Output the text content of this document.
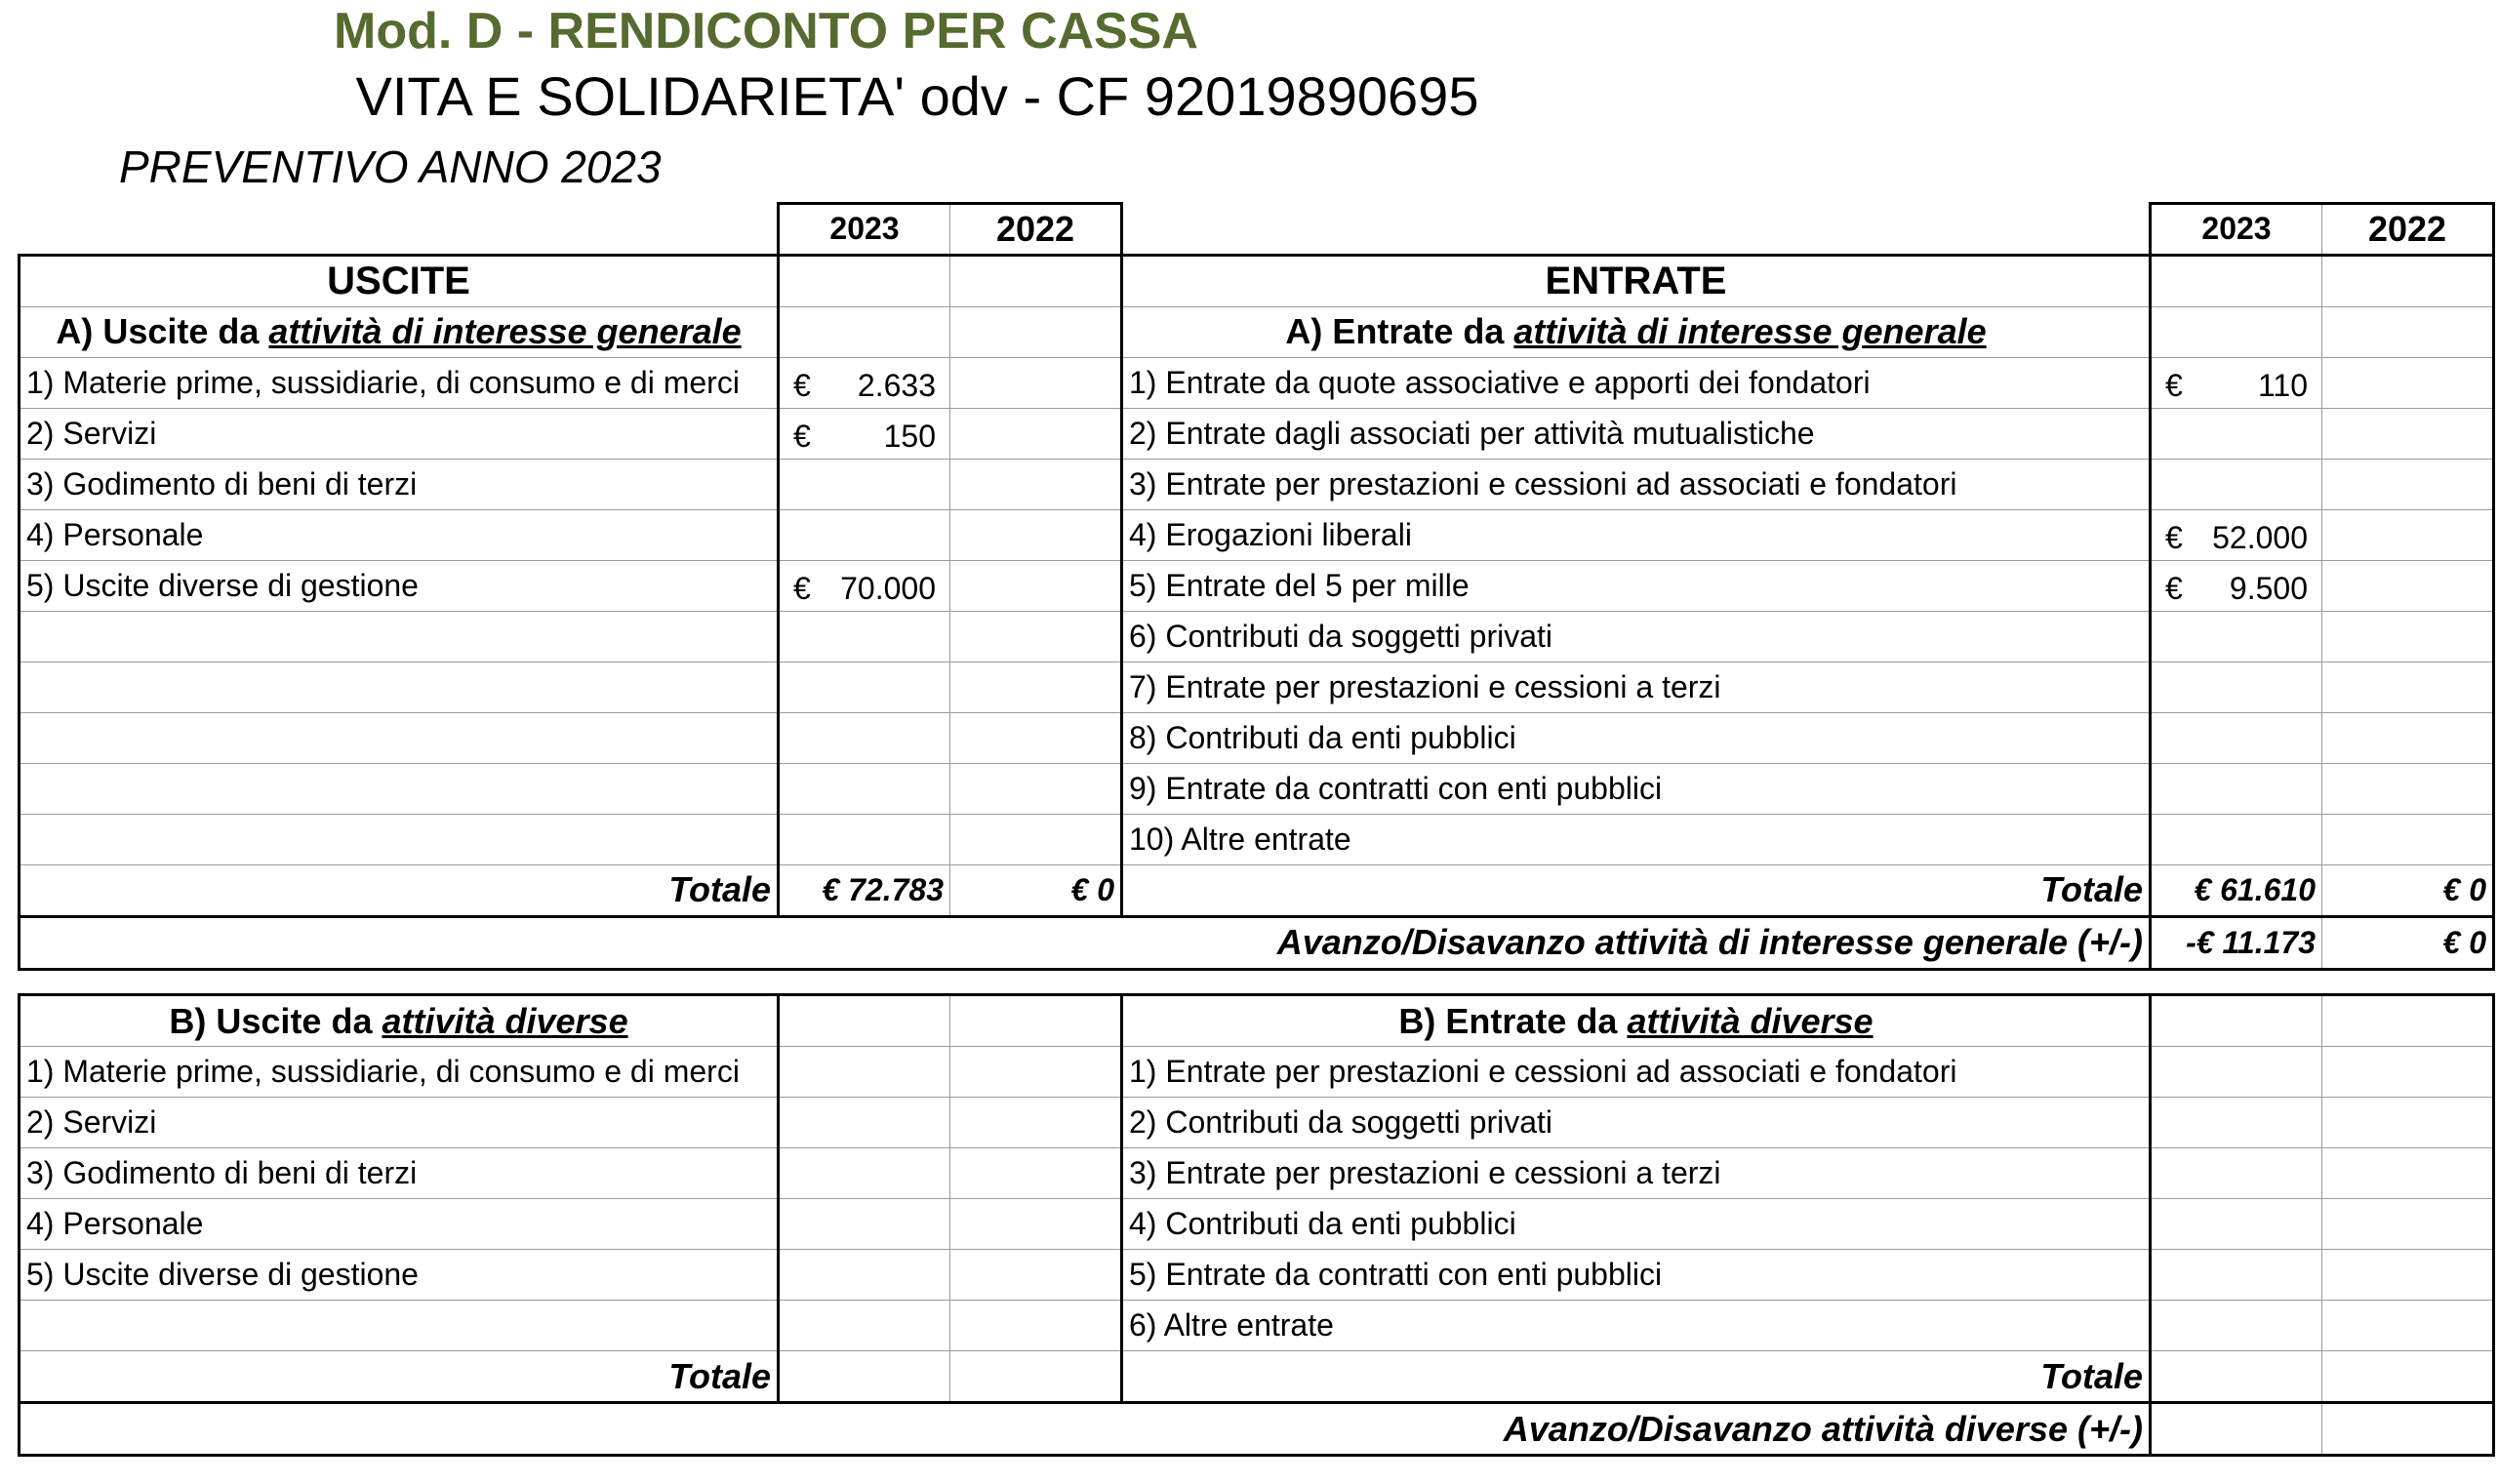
Mod. D - RENDICONTO PER CASSA
VITA E SOLIDARIETA' odv - CF 92019890695
PREVENTIVO ANNO 2023
	2023	2022		2023	2022
USCITE			ENTRATE		
A) Uscite da attività di interesse generale			A) Entrate da attività di interesse generale		
1) Materie prime, sussidiarie, di consumo e di merci	€ 2.633		1) Entrate da quote associative e apporti dei fondatori	€ 110	

2) Servizi	€ 150		2) Entrate dagli associati per attività mutualistiche		
3) Godimento di beni di terzi			3) Entrate per prestazioni e cessioni ad associati e fondatori		
4) Personale			4) Erogazioni liberali	€ 52.000	

5) Uscite diverse di gestione	€ 70.000		5) Entrate del 5 per mille	€ 9.500	

			6) Contributi da soggetti privati		
			7) Entrate per prestazioni e cessioni a terzi		
			8) Contributi da enti pubblici		
			9) Entrate da contratti con enti pubblici		
			10) Altre entrate		
Totale	€ 72.783	€ 0	Totale	€ 61.610	€ 0
Avanzo/Disavanzo attività di interesse generale (+/-)				-€ 11.173	€ 0
B) Uscite da attività diverse			B) Entrate da attività diverse		
1) Materie prime, sussidiarie, di consumo e di merci			1) Entrate per prestazioni e cessioni ad associati e fondatori		
2) Servizi			2) Contributi da soggetti privati		
3) Godimento di beni di terzi			3) Entrate per prestazioni e cessioni a terzi		
4) Personale			4) Contributi da enti pubblici		
5) Uscite diverse di gestione			5) Entrate da contratti con enti pubblici		
			6) Altre entrate		
Totale			Totale		
Avanzo/Disavanzo attività diverse (+/-)					
